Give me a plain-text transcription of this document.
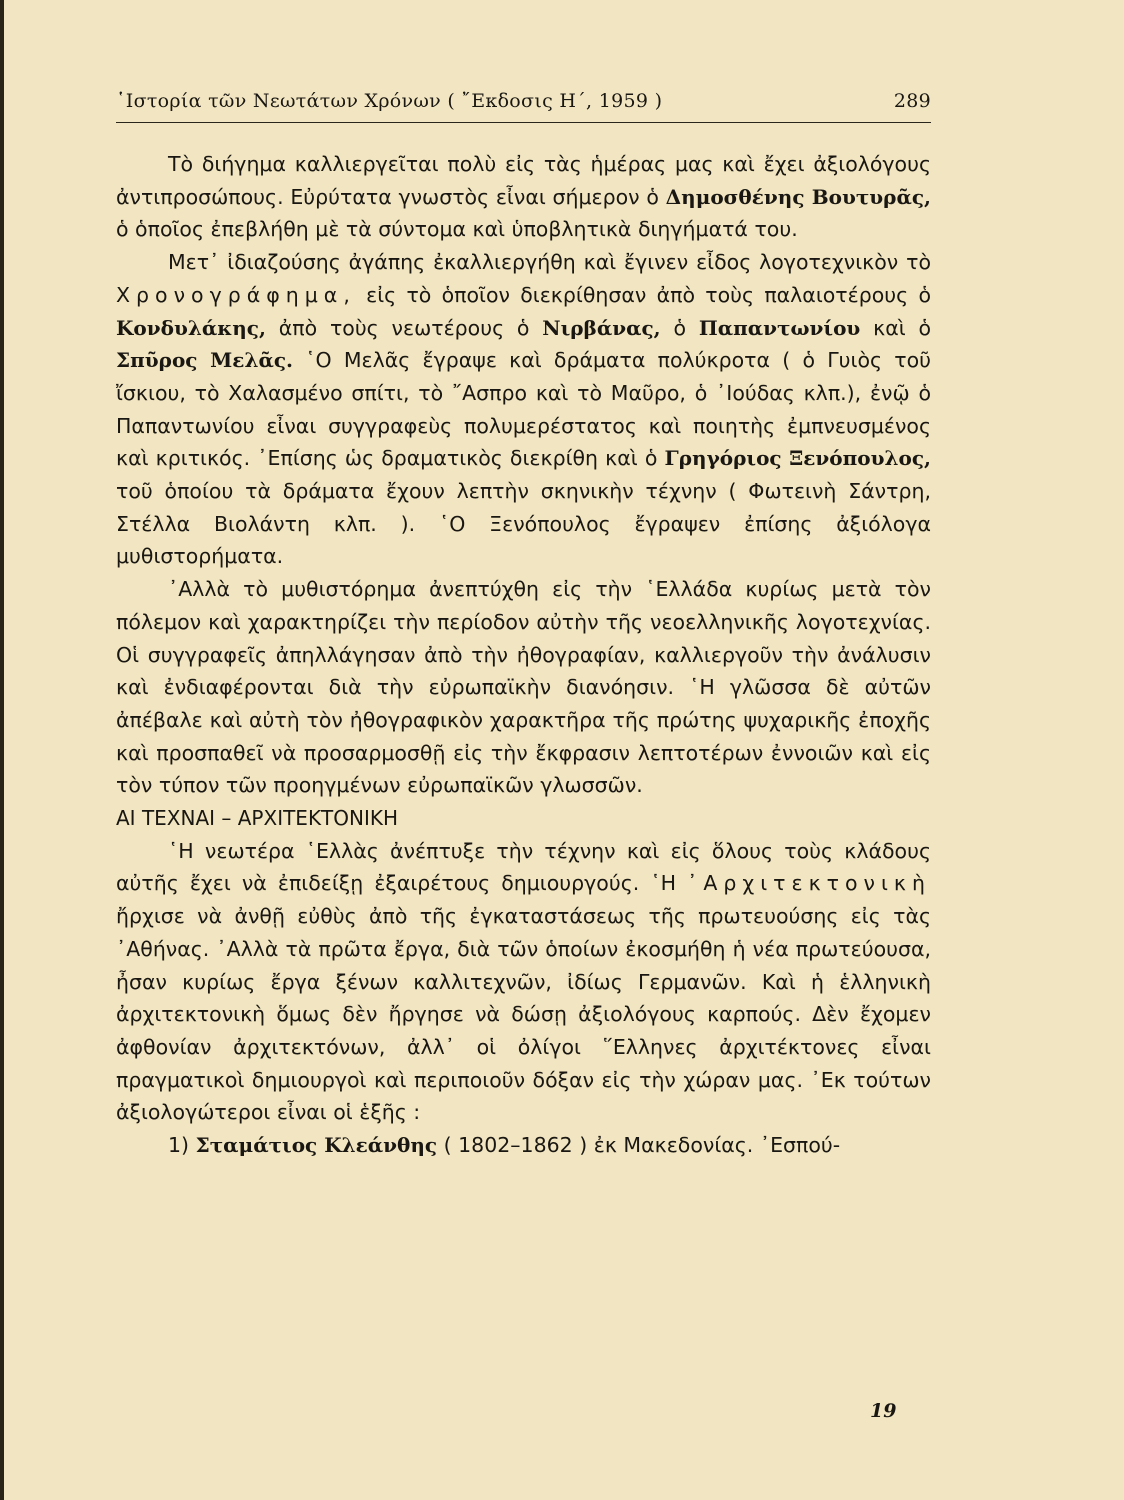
῾Ιστορία τῶν Νεωτάτων Χρόνων ( ῎Εκδοσις Η΄, 1959 )	289

Τὸ διήγημα καλλιεργεῖται πολὺ εἰς τὰς ἡμέρας μας καὶ ἔχει ἀξιολόγους ἀντιπροσώπους. Εὐρύτατα γνωστὸς εἶναι σήμερον ὁ Δημοσθένης Βουτυρᾶς, ὁ ὁποῖος ἐπεβλήθη μὲ τὰ σύντομα καὶ ὑποβλητικὰ διηγήματά του.

Μετ᾽ ἰδιαζούσης ἀγάπης ἐκαλλιεργήθη καὶ ἔγινεν εἶδος λογοτεχνικὸν τὸ Χρονογράφημα, εἰς τὸ ὁποῖον διεκρίθησαν ἀπὸ τοὺς παλαιοτέρους ὁ Κονδυλάκης, ἀπὸ τοὺς νεωτέρους ὁ Νιρβάνας, ὁ Παπαντωνίου καὶ ὁ Σπῦρος Μελᾶς. ῾Ο Μελᾶς ἔγραψε καὶ δράματα πολύκροτα ( ὁ Γυιὸς τοῦ ἴσκιου, τὸ Χαλασμένο σπίτι, τὸ ῎Ασπρο καὶ τὸ Μαῦρο, ὁ ᾽Ιούδας κλπ.), ἐνῷ ὁ Παπαντωνίου εἶναι συγγραφεὺς πολυμερέστατος καὶ ποιητὴς ἐμπνευσμένος καὶ κριτικός. ᾽Επίσης ὡς δραματικὸς διεκρίθη καὶ ὁ Γρηγόριος Ξενόπουλος, τοῦ ὁποίου τὰ δράματα ἔχουν λεπτὴν σκηνικὴν τέχνην ( Φωτεινὴ Σάντρη, Στέλλα Βιολάντη κλπ. ). ῾Ο Ξενόπουλος ἔγραψεν ἐπίσης ἀξιόλογα μυθιστορήματα.

᾽Αλλὰ τὸ μυθιστόρημα ἀνεπτύχθη εἰς τὴν ῾Ελλάδα κυρίως μετὰ τὸν πόλεμον καὶ χαρακτηρίζει τὴν περίοδον αὐτὴν τῆς νεοελληνικῆς λογοτεχνίας. Οἱ συγγραφεῖς ἀπηλλάγησαν ἀπὸ τὴν ἠθογραφίαν, καλλιεργοῦν τὴν ἀνάλυσιν καὶ ἐνδιαφέρονται διὰ τὴν εὐρωπαϊκὴν διανόησιν. ῾Η γλῶσσα δὲ αὐτῶν ἀπέβαλε καὶ αὐτὴ τὸν ἠθογραφικὸν χαρακτῆρα τῆς πρώτης ψυχαρικῆς ἐποχῆς καὶ προσπαθεῖ νὰ προσαρμοσθῇ εἰς τὴν ἔκφρασιν λεπτοτέρων ἐννοιῶν καὶ εἰς τὸν τύπον τῶν προηγμένων εὐρωπαϊκῶν γλωσσῶν.

ΑΙ ΤΕΧΝΑΙ – ΑΡΧΙΤΕΚΤΟΝΙΚΗ

῾Η νεωτέρα ῾Ελλὰς ἀνέπτυξε τὴν τέχνην καὶ εἰς ὅλους τοὺς κλάδους αὐτῆς ἔχει νὰ ἐπιδείξῃ ἐξαιρέτους δημιουργούς. ῾Η ᾽Αρχιτεκτονικὴ ἤρχισε νὰ ἀνθῇ εὐθὺς ἀπὸ τῆς ἐγκαταστάσεως τῆς πρωτευούσης εἰς τὰς ᾽Αθήνας. ᾽Αλλὰ τὰ πρῶτα ἔργα, διὰ τῶν ὁποίων ἐκοσμήθη ἡ νέα πρωτεύουσα, ἦσαν κυρίως ἔργα ξένων καλλιτεχνῶν, ἰδίως Γερμανῶν. Καὶ ἡ ἑλληνικὴ ἀρχιτεκτονικὴ ὅμως δὲν ἤργησε νὰ δώσῃ ἀξιολόγους καρπούς. Δὲν ἔχομεν ἀφθονίαν ἀρχιτεκτόνων, ἀλλ᾽ οἱ ὀλίγοι ῞Ελληνες ἀρχιτέκτονες εἶναι πραγματικοὶ δημιουργοὶ καὶ περιποιοῦν δόξαν εἰς τὴν χώραν μας. ᾽Εκ τούτων ἀξιολογώτεροι εἶναι οἱ ἑξῆς :

1) Σταμάτιος Κλεάνθης ( 1802–1862 ) ἐκ Μακεδονίας. ᾽Εσπού-

19
